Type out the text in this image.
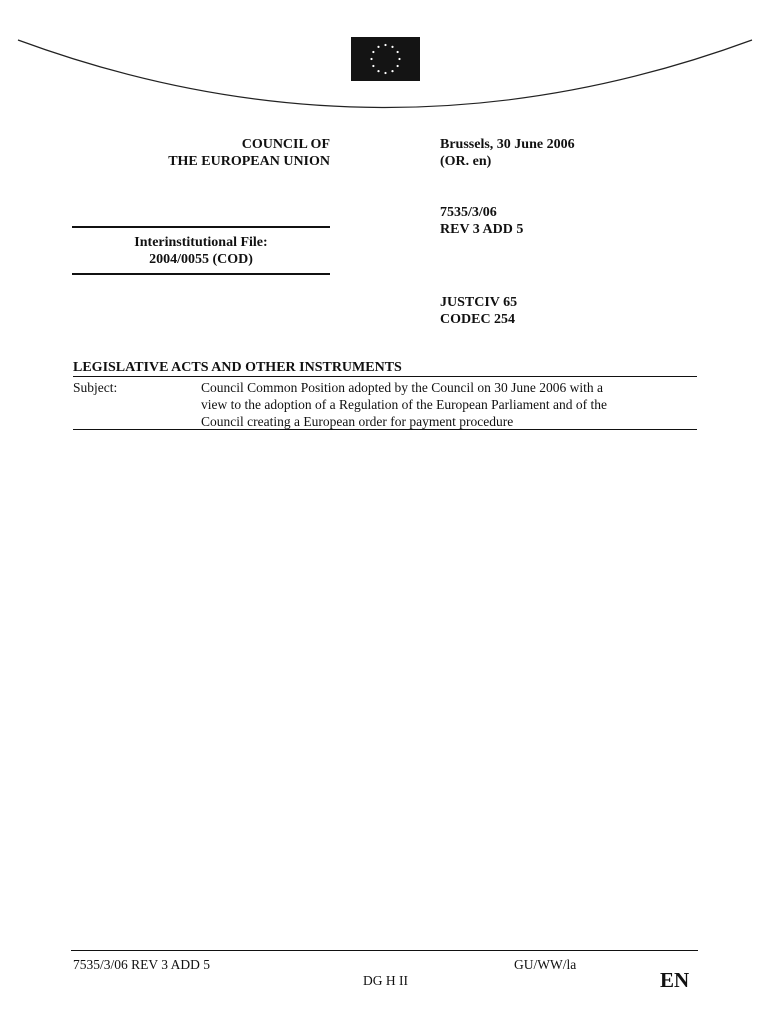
COUNCIL OF
THE EUROPEAN UNION
Brussels, 30 June 2006
(OR. en)
7535/3/06
REV 3 ADD 5
Interinstitutional File:
2004/0055 (COD)
JUSTCIV 65
CODEC 254
LEGISLATIVE ACTS AND OTHER INSTRUMENTS
Subject:	Council Common Position adopted by the Council on 30 June 2006 with a
view to the adoption of a Regulation of the European Parliament and of the
Council creating a European order for payment procedure
7535/3/06 REV 3 ADD 5	GU/WW/la
DG H II	EN
